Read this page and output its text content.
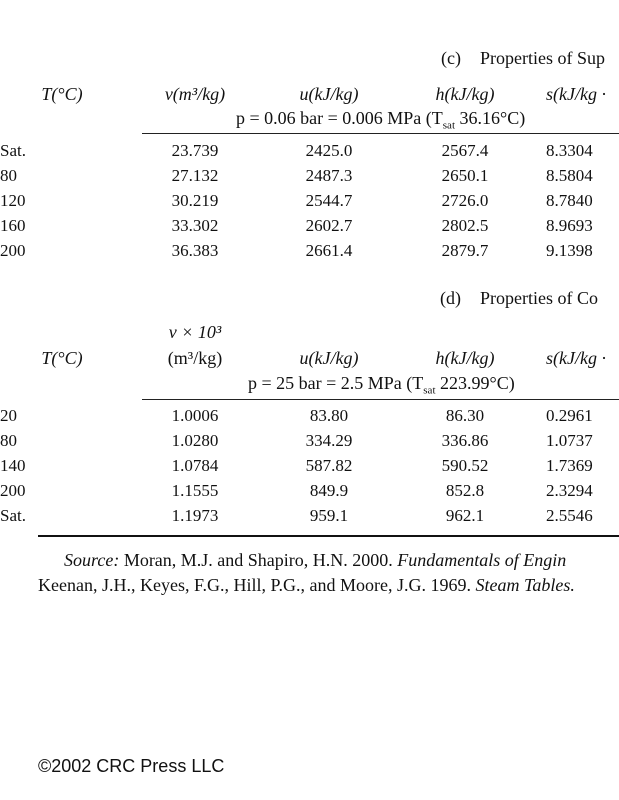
(c) Properties of Sup
T(°C)	v(m³/kg)	u(kJ/kg)	h(kJ/kg)	s(kJ/kg ·
p = 0.06 bar = 0.006 MPa ($T_{sat}$ 36.16°C)
Sat.	23.739	2425.0	2567.4	8.3304
80	27.132	2487.3	2650.1	8.5804
120	30.219	2544.7	2726.0	8.7840
160	33.302	2602.7	2802.5	8.9693
200	36.383	2661.4	2879.7	9.1398
(d) Properties of Co
v × 10³
T(°C)	(m³/kg)	u(kJ/kg)	h(kJ/kg)	s(kJ/kg ·
p = 25 bar = 2.5 MPa ($T_{sat}$ 223.99°C)
20	1.0006	83.80	86.30	0.2961
80	1.0280	334.29	336.86	1.0737
140	1.0784	587.82	590.52	1.7369
200	1.1555	849.9	852.8	2.3294
Sat.	1.1973	959.1	962.1	2.5546
Source: Moran, M.J. and Shapiro, H.N. 2000. Fundamentals of Engin
Keenan, J.H., Keyes, F.G., Hill, P.G., and Moore, J.G. 1969. Steam Tables.
©2002 CRC Press LLC
